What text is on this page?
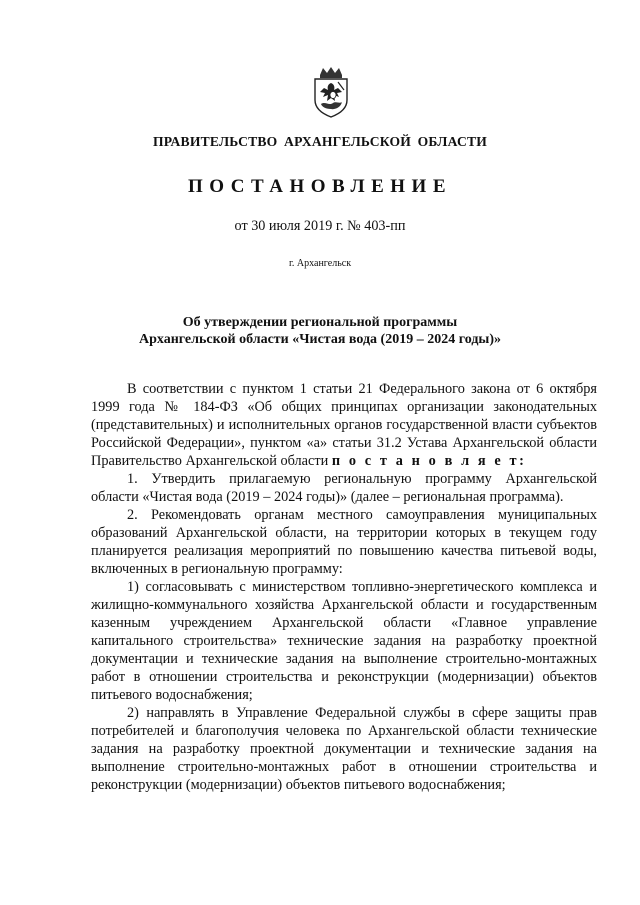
ПРАВИТЕЛЬСТВО АРХАНГЕЛЬСКОЙ ОБЛАСТИ
ПОСТАНОВЛЕНИЕ
от 30 июля 2019 г. № 403-пп
г. Архангельск
Об утверждении региональной программы
Архангельской области «Чистая вода (2019 – 2024 годы)»

В соответствии с пунктом 1 статьи 21 Федерального закона от 6 октября 1999 года № 184-ФЗ «Об общих принципах организации законодательных (представительных) и исполнительных органов государственной власти субъектов Российской Федерации», пунктом «а» статьи 31.2 Устава Архангельской области Правительство Архангельской области п о с т а н о в л я е т:

1. Утвердить прилагаемую региональную программу Архангельской области «Чистая вода (2019 – 2024 годы)» (далее – региональная программа).

2. Рекомендовать органам местного самоуправления муниципальных образований Архангельской области, на территории которых в текущем году планируется реализация мероприятий по повышению качества питьевой воды, включенных в региональную программу:

1) согласовывать с министерством топливно-энергетического комплекса и жилищно-коммунального хозяйства Архангельской области и государственным казенным учреждением Архангельской области «Главное управление капитального строительства» технические задания на разработку проектной документации и технические задания на выполнение строительно-монтажных работ в отношении строительства и реконструкции (модернизации) объектов питьевого водоснабжения;

2) направлять в Управление Федеральной службы в сфере защиты прав потребителей и благополучия человека по Архангельской области технические задания на разработку проектной документации и технические задания на выполнение строительно-монтажных работ в отношении строительства и реконструкции (модернизации) объектов питьевого водоснабжения;
